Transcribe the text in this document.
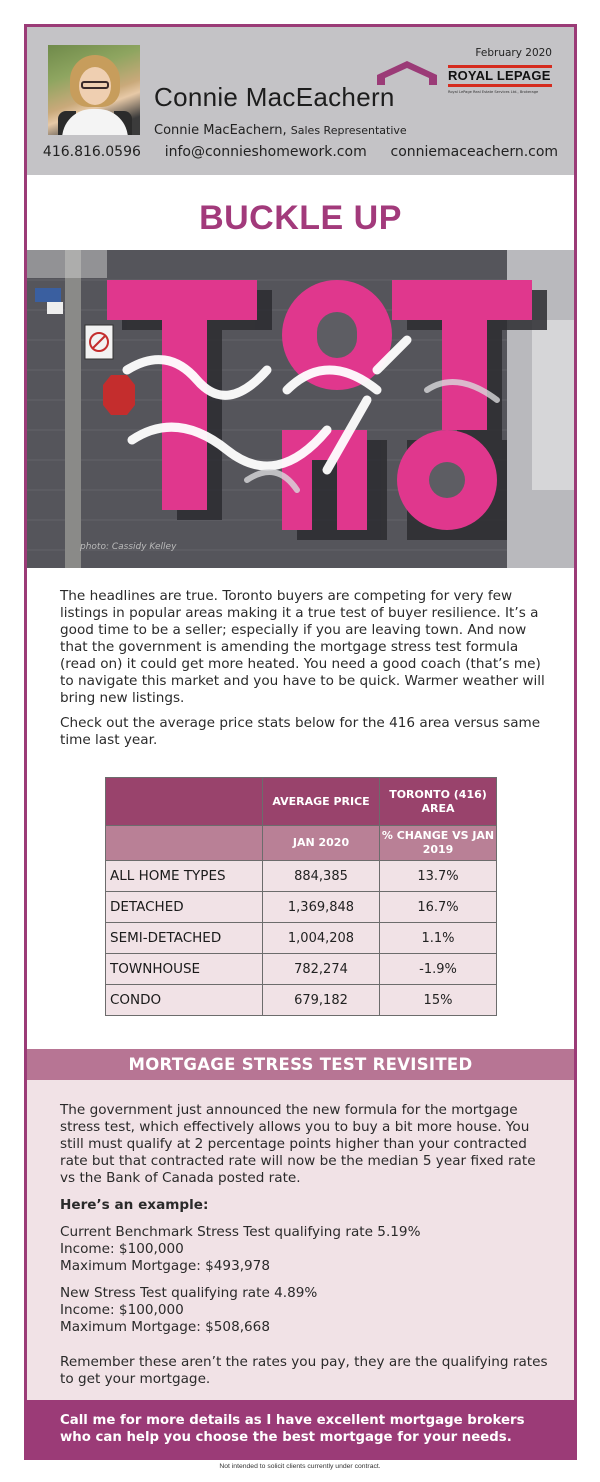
Connie MacEachern
Connie MacEachern, Sales Representative
416.816.0596 info@connieshomework.com conniemaceachern.com
February 2020
ROYAL LEPAGE
Royal LePage Real Estate Services Ltd., Brokerage
BUCKLE UP
photo: Cassidy Kelley

The headlines are true. Toronto buyers are competing for very few listings in popular areas making it a true test of buyer resilience. It’s a good time to be a seller; especially if you are leaving town. And now that the government is amending the mortgage stress test formula (read on) it could get more heated. You need a good coach (that’s me) to navigate this market and you have to be quick. Warmer weather will bring new listings.

Check out the average price stats below for the 416 area versus same time last year.

	AVERAGE PRICE	TORONTO (416) AREA
	JAN 2020	% CHANGE VS JAN 2019
ALL HOME TYPES	884,385	13.7%
DETACHED	1,369,848	16.7%
SEMI-DETACHED	1,004,208	1.1%
TOWNHOUSE	782,274	-1.9%
CONDO	679,182	15%
MORTGAGE STRESS TEST REVISITED

The government just announced the new formula for the mortgage stress test, which effectively allows you to buy a bit more house. You still must qualify at 2 percentage points higher than your contracted rate but that contracted rate will now be the median 5 year fixed rate vs the Bank of Canada posted rate.

Here’s an example:

Current Benchmark Stress Test qualifying rate 5.19%
Income: $100,000
Maximum Mortgage: $493,978

New Stress Test qualifying rate 4.89%
Income: $100,000
Maximum Mortgage: $508,668

Remember these aren’t the rates you pay, they are the qualifying rates to get your mortgage.

Call me for more details as I have excellent mortgage brokers who can help you choose the best mortgage for your needs.
Not intended to solicit clients currently under contract.
